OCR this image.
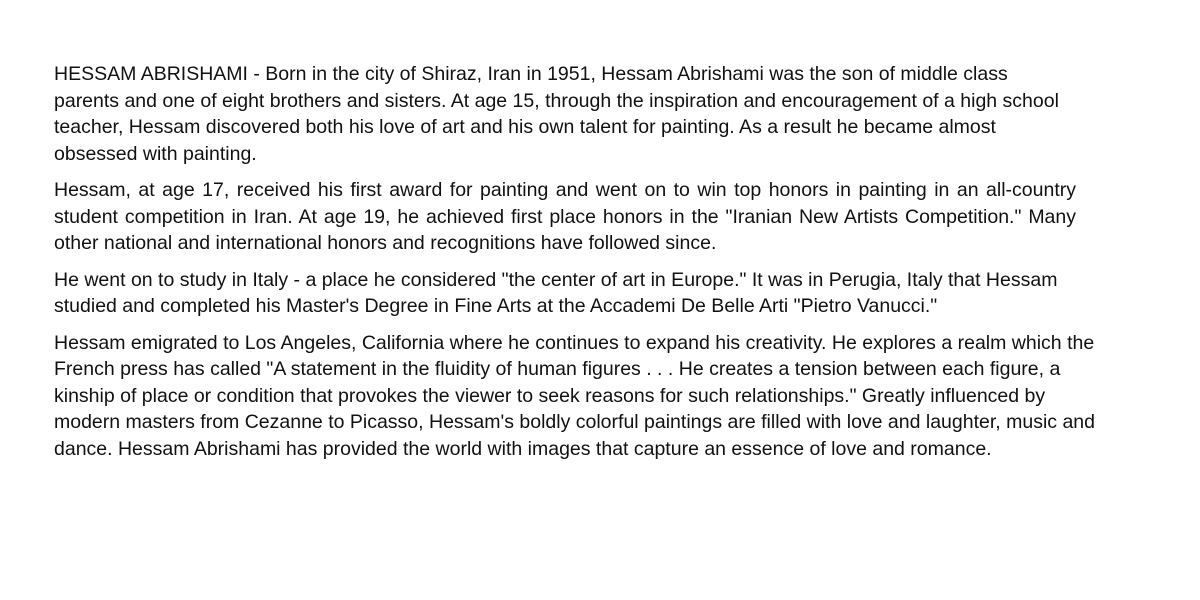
HESSAM ABRISHAMI - Born in the city of Shiraz, Iran in 1951, Hessam Abrishami was the son of middle class parents and one of eight brothers and sisters. At age 15, through the inspiration and encouragement of a high school teacher, Hessam discovered both his love of art and his own talent for painting. As a result he became almost obsessed with painting.

Hessam, at age 17, received his first award for painting and went on to win top honors in painting in an all-country student competition in Iran. At age 19, he achieved first place honors in the "Iranian New Artists Competition." Many other national and international honors and recognitions have followed since.

He went on to study in Italy - a place he considered "the center of art in Europe." It was in Perugia, Italy that Hessam studied and completed his Master's Degree in Fine Arts at the Accademi De Belle Arti "Pietro Vanucci."

Hessam emigrated to Los Angeles, California where he continues to expand his creativity. He explores a realm which the French press has called "A statement in the fluidity of human figures . . . He creates a tension between each figure, a kinship of place or condition that provokes the viewer to seek reasons for such relationships." Greatly influenced by modern masters from Cezanne to Picasso, Hessam's boldly colorful paintings are filled with love and laughter, music and dance. Hessam Abrishami has provided the world with images that capture an essence of love and romance.
